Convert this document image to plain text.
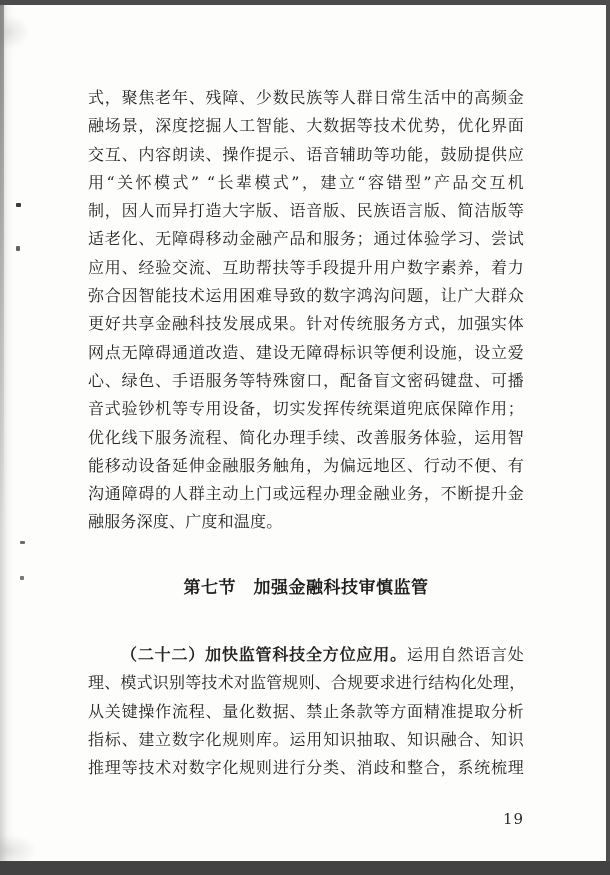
式，聚焦老年、残障、少数民族等人群日常生活中的高频金
融场景，深度挖掘人工智能、大数据等技术优势，优化界面
交互、内容朗读、操作提示、语音辅助等功能，鼓励提供应
用“关怀模式” “长辈模式”，建立“容错型”产品交互机
制，因人而异打造大字版、语音版、民族语言版、简洁版等
适老化、无障碍移动金融产品和服务；通过体验学习、尝试
应用、经验交流、互助帮扶等手段提升用户数字素养，着力
弥合因智能技术运用困难导致的数字鸿沟问题，让广大群众
更好共享金融科技发展成果。针对传统服务方式，加强实体
网点无障碍通道改造、建设无障碍标识等便利设施，设立爱
心、绿色、手语服务等特殊窗口，配备盲文密码键盘、可播
音式验钞机等专用设备，切实发挥传统渠道兜底保障作用；
优化线下服务流程、简化办理手续、改善服务体验，运用智
能移动设备延伸金融服务触角，为偏远地区、行动不便、有
沟通障碍的人群主动上门或远程办理金融业务，不断提升金
融服务深度、广度和温度。
第七节　加强金融科技审慎监管
（二十二）加快监管科技全方位应用。运用自然语言处
理、模式识别等技术对监管规则、合规要求进行结构化处理，
从关键操作流程、量化数据、禁止条款等方面精准提取分析
指标、建立数字化规则库。运用知识抽取、知识融合、知识
推理等技术对数字化规则进行分类、消歧和整合，系统梳理
19
